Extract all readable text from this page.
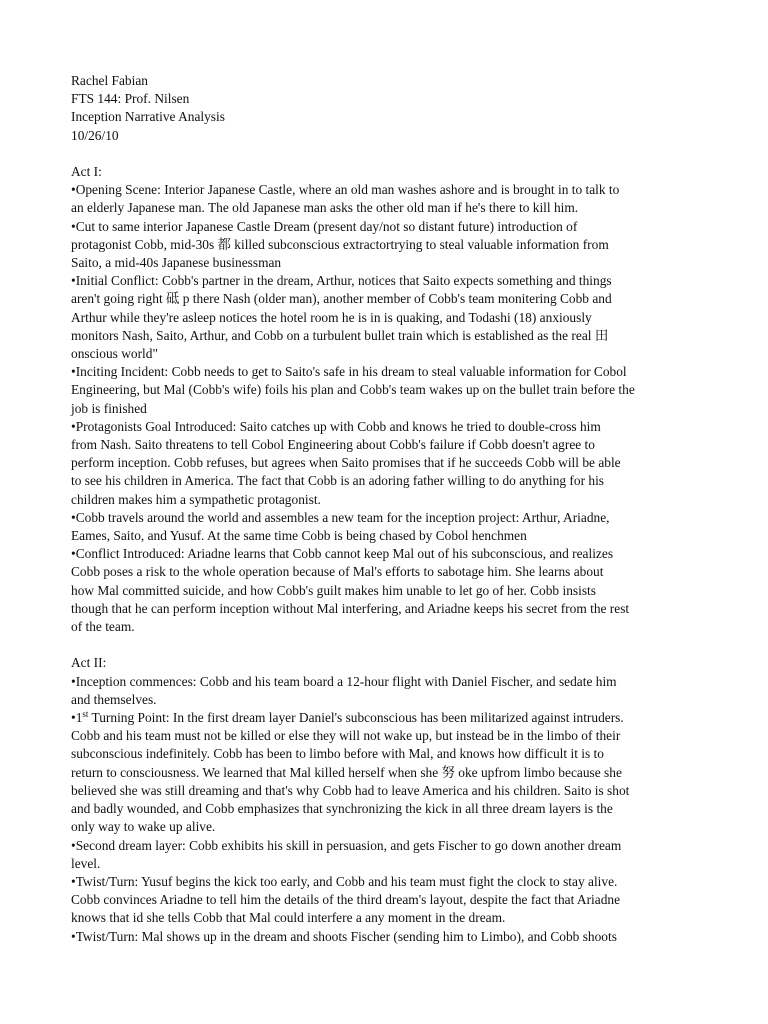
Rachel Fabian
FTS 144: Prof. Nilsen
Inception Narrative Analysis
10/26/10
Act I:
•Opening Scene: Interior Japanese Castle, where an old man washes ashore and is brought in to talk to
an elderly Japanese man. The old Japanese man asks the other old man if he's there to kill him.
•Cut to same interior Japanese Castle Dream (present day/not so distant future) introduction of
protagonist Cobb, mid-30s 都 killed subconscious extractortrying to steal valuable information from
Saito, a mid-40s Japanese businessman
•Initial Conflict: Cobb's partner in the dream, Arthur, notices that Saito expects something and things
aren't going right 砥 p there Nash (older man), another member of Cobb's team monitering Cobb and
Arthur while they're asleep notices the hotel room he is in is quaking, and Todashi (18) anxiously
monitors Nash, Saito, Arthur, and Cobb on a turbulent bullet train which is established as the real 田
onscious world"
•Inciting Incident: Cobb needs to get to Saito's safe in his dream to steal valuable information for Cobol
Engineering, but Mal (Cobb's wife) foils his plan and Cobb's team wakes up on the bullet train before the
job is finished
•Protagonists Goal Introduced: Saito catches up with Cobb and knows he tried to double-cross him
from Nash. Saito threatens to tell Cobol Engineering about Cobb's failure if Cobb doesn't agree to
perform inception. Cobb refuses, but agrees when Saito promises that if he succeeds Cobb will be able
to see his children in America. The fact that Cobb is an adoring father willing to do anything for his
children makes him a sympathetic protagonist.
•Cobb travels around the world and assembles a new team for the inception project: Arthur, Ariadne,
Eames, Saito, and Yusuf. At the same time Cobb is being chased by Cobol henchmen
•Conflict Introduced: Ariadne learns that Cobb cannot keep Mal out of his subconscious, and realizes
Cobb poses a risk to the whole operation because of Mal's efforts to sabotage him. She learns about
how Mal committed suicide, and how Cobb's guilt makes him unable to let go of her. Cobb insists
though that he can perform inception without Mal interfering, and Ariadne keeps his secret from the rest
of the team.
Act II:
•Inception commences: Cobb and his team board a 12-hour flight with Daniel Fischer, and sedate him
and themselves.
•1st Turning Point: In the first dream layer Daniel's subconscious has been militarized against intruders.
Cobb and his team must not be killed or else they will not wake up, but instead be in the limbo of their
subconscious indefinitely. Cobb has been to limbo before with Mal, and knows how difficult it is to
return to consciousness. We learned that Mal killed herself when she 努 oke upfrom limbo because she
believed she was still dreaming and that's why Cobb had to leave America and his children. Saito is shot
and badly wounded, and Cobb emphasizes that synchronizing the kick in all three dream layers is the
only way to wake up alive.
•Second dream layer: Cobb exhibits his skill in persuasion, and gets Fischer to go down another dream
level.
•Twist/Turn: Yusuf begins the kick too early, and Cobb and his team must fight the clock to stay alive.
Cobb convinces Ariadne to tell him the details of the third dream's layout, despite the fact that Ariadne
knows that id she tells Cobb that Mal could interfere a any moment in the dream.
•Twist/Turn: Mal shows up in the dream and shoots Fischer (sending him to Limbo), and Cobb shoots
